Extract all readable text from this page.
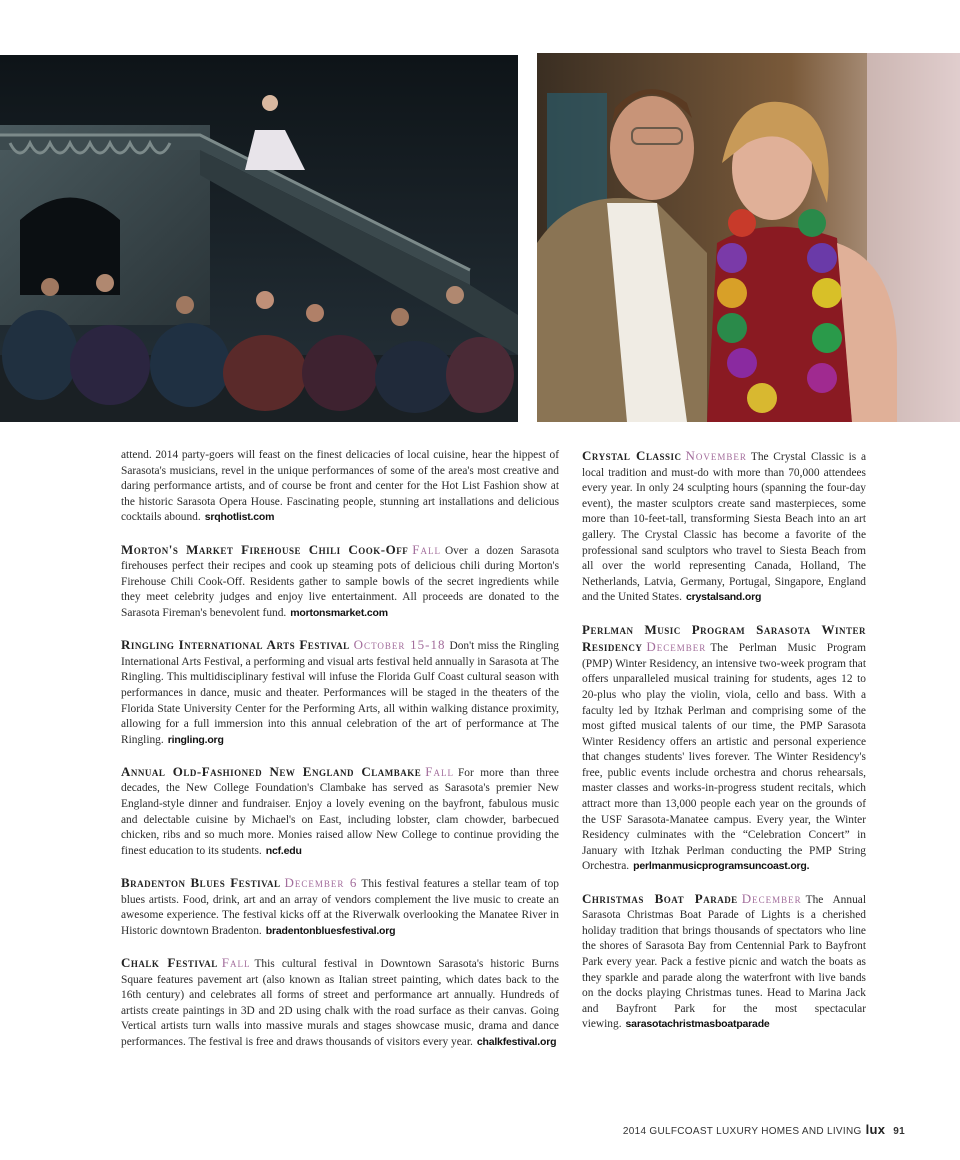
attend. 2014 party-goers will feast on the finest delicacies of local cuisine, hear the hippest of Sarasota's musicians, revel in the unique performances of some of the area's most creative and daring performance artists, and of course be front and center for the Hot List Fashion show at the historic Sarasota Opera House. Fascinating people, stunning art installations and delicious cocktails abound. srqhotlist.com

Morton's Market Firehouse Chili Cook-Off Fall Over a dozen Sarasota firehouses perfect their recipes and cook up steaming pots of delicious chili during Morton's Firehouse Chili Cook-Off. Residents gather to sample bowls of the secret ingredients while they meet celebrity judges and enjoy live entertainment. All proceeds are donated to the Sarasota Fireman's benevolent fund. mortonsmarket.com

Ringling International Arts Festival October 15-18 Don't miss the Ringling International Arts Festival, a performing and visual arts festival held annually in Sarasota at The Ringling. This multidisciplinary festival will infuse the Florida Gulf Coast cultural season with performances in dance, music and theater. Performances will be staged in the theaters of the Florida State University Center for the Performing Arts, all within walking distance proximity, allowing for a full immersion into this annual celebration of the art of performance at The Ringling. ringling.org

Annual Old-Fashioned New England Clambake Fall For more than three decades, the New College Foundation's Clambake has served as Sarasota's premier New England-style dinner and fundraiser. Enjoy a lovely evening on the bayfront, fabulous music and delectable cuisine by Michael's on East, including lobster, clam chowder, barbecued chicken, ribs and so much more. Monies raised allow New College to continue providing the finest education to its students. ncf.edu

Bradenton Blues Festival December 6 This festival features a stellar team of top blues artists. Food, drink, art and an array of vendors complement the live music to create an awesome experience. The festival kicks off at the Riverwalk overlooking the Manatee River in Historic downtown Bradenton. bradentonbluesfestival.org

Chalk Festival Fall This cultural festival in Downtown Sarasota's historic Burns Square features pavement art (also known as Italian street painting, which dates back to the 16th century) and celebrates all forms of street and performance art annually. Hundreds of artists create paintings in 3D and 2D using chalk with the road surface as their canvas. Going Vertical artists turn walls into massive murals and stages showcase music, drama and dance performances. The festival is free and draws thousands of visitors every year. chalkfestival.org

Crystal Classic November The Crystal Classic is a local tradition and must-do with more than 70,000 attendees every year. In only 24 sculpting hours (spanning the four-day event), the master sculptors create sand masterpieces, some more than 10-feet-tall, transforming Siesta Beach into an art gallery. The Crystal Classic has become a favorite of the professional sand sculptors who travel to Siesta Beach from all over the world representing Canada, Holland, The Netherlands, Latvia, Germany, Portugal, Singapore, England and the United States. crystalsand.org

Perlman Music Program Sarasota Winter Residency December The Perlman Music Program (PMP) Winter Residency, an intensive two-week program that offers unparalleled musical training for students, ages 12 to 20-plus who play the violin, viola, cello and bass. With a faculty led by Itzhak Perlman and comprising some of the most gifted musical talents of our time, the PMP Sarasota Winter Residency offers an artistic and personal experience that changes students' lives forever. The Winter Residency's free, public events include orchestra and chorus rehearsals, master classes and works-in-progress student recitals, which attract more than 13,000 people each year on the grounds of the USF Sarasota-Manatee campus. Every year, the Winter Residency culminates with the “Celebration Concert” in January with Itzhak Perlman conducting the PMP String Orchestra. perlmanmusicprogramsuncoast.org.

Christmas Boat Parade December The Annual Sarasota Christmas Boat Parade of Lights is a cherished holiday tradition that brings thousands of spectators who line the shores of Sarasota Bay from Centennial Park to Bayfront Park every year. Pack a festive picnic and watch the boats as they sparkle and parade along the waterfront with live bands on the docks playing Christmas tunes. Head to Marina Jack and Bayfront Park for the most spectacular viewing. sarasotachristmasboatparade

2014 GULFCOAST LUXURY HOMES AND LIVING lux 91
